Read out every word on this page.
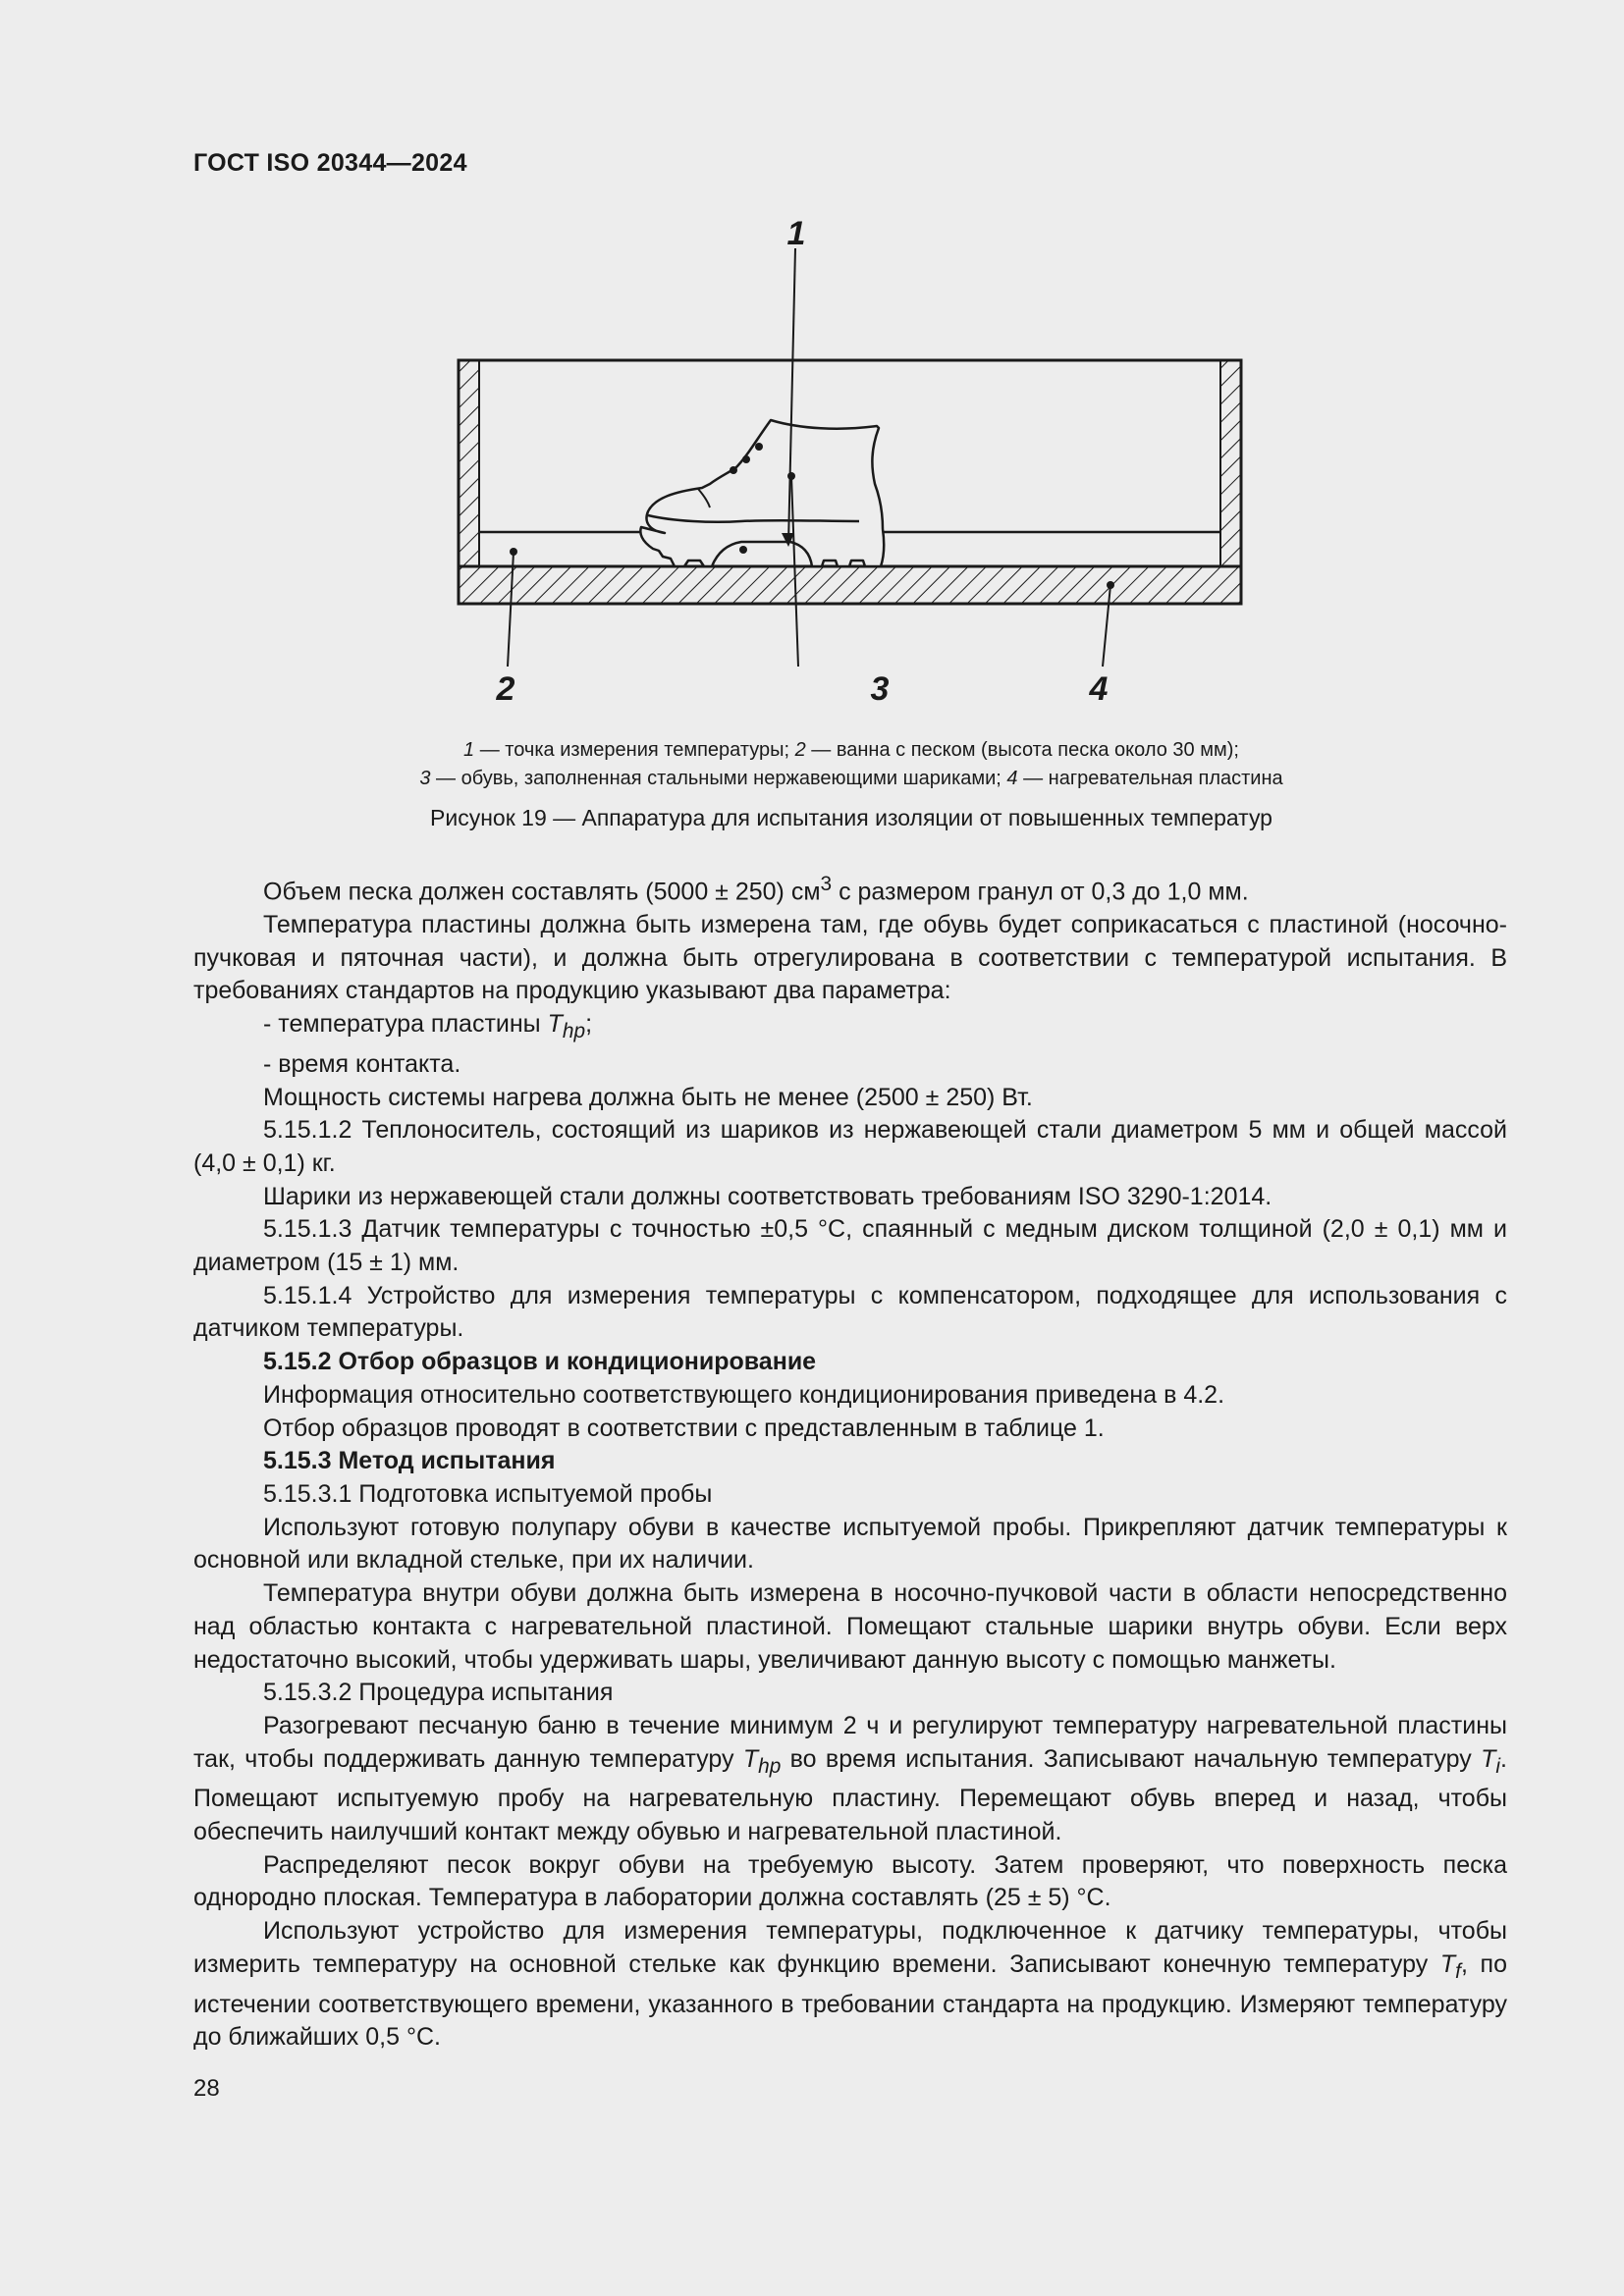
ГОСТ ISO 20344—2024
1
2	3	4
1 — точка измерения температуры; 2 — ванна с песком (высота песка около 30 мм);
3 — обувь, заполненная стальными нержавеющими шариками; 4 — нагревательная пластина
Рисунок 19 — Аппаратура для испытания изоляции от повышенных температур

Объем песка должен составлять (5000 ± 250) $см^3$ с размером гранул от 0,3 до 1,0 мм.

Температура пластины должна быть измерена там, где обувь будет соприкасаться с пластиной (носочно-пучковая и пяточная части), и должна быть отрегулирована в соответствии с температурой испытания. В требованиях стандартов на продукцию указывают два параметра:

- температура пластины $T_{hp}$;

- время контакта.

Мощность системы нагрева должна быть не менее (2500 ± 250) Вт.

5.15.1.2 Теплоноситель, состоящий из шариков из нержавеющей стали диаметром 5 мм и общей массой (4,0 ± 0,1) кг.

Шарики из нержавеющей стали должны соответствовать требованиям ISO 3290-1:2014.

5.15.1.3 Датчик температуры с точностью ±0,5 °С, спаянный с медным диском толщиной (2,0 ± 0,1) мм и диаметром (15 ± 1) мм.

5.15.1.4 Устройство для измерения температуры с компенсатором, подходящее для использования с датчиком температуры.

5.15.2 Отбор образцов и кондиционирование

Информация относительно соответствующего кондиционирования приведена в 4.2.

Отбор образцов проводят в соответствии с представленным в таблице 1.

5.15.3 Метод испытания

5.15.3.1 Подготовка испытуемой пробы

Используют готовую полупару обуви в качестве испытуемой пробы. Прикрепляют датчик температуры к основной или вкладной стельке, при их наличии.

Температура внутри обуви должна быть измерена в носочно-пучковой части в области непосредственно над областью контакта с нагревательной пластиной. Помещают стальные шарики внутрь обуви. Если верх недостаточно высокий, чтобы удерживать шары, увеличивают данную высоту с помощью манжеты.

5.15.3.2 Процедура испытания

Разогревают песчаную баню в течение минимум 2 ч и регулируют температуру нагревательной пластины так, чтобы поддерживать данную температуру $T_{hp}$ во время испытания. Записывают начальную температуру $T_i$. Помещают испытуемую пробу на нагревательную пластину. Перемещают обувь вперед и назад, чтобы обеспечить наилучший контакт между обувью и нагревательной пластиной.

Распределяют песок вокруг обуви на требуемую высоту. Затем проверяют, что поверхность песка однородно плоская. Температура в лаборатории должна составлять (25 ± 5) °С.

Используют устройство для измерения температуры, подключенное к датчику температуры, чтобы измерить температуру на основной стельке как функцию времени. Записывают конечную температуру $T_f$, по истечении соответствующего времени, указанного в требовании стандарта на продукцию. Измеряют температуру до ближайших 0,5 °С.

28
